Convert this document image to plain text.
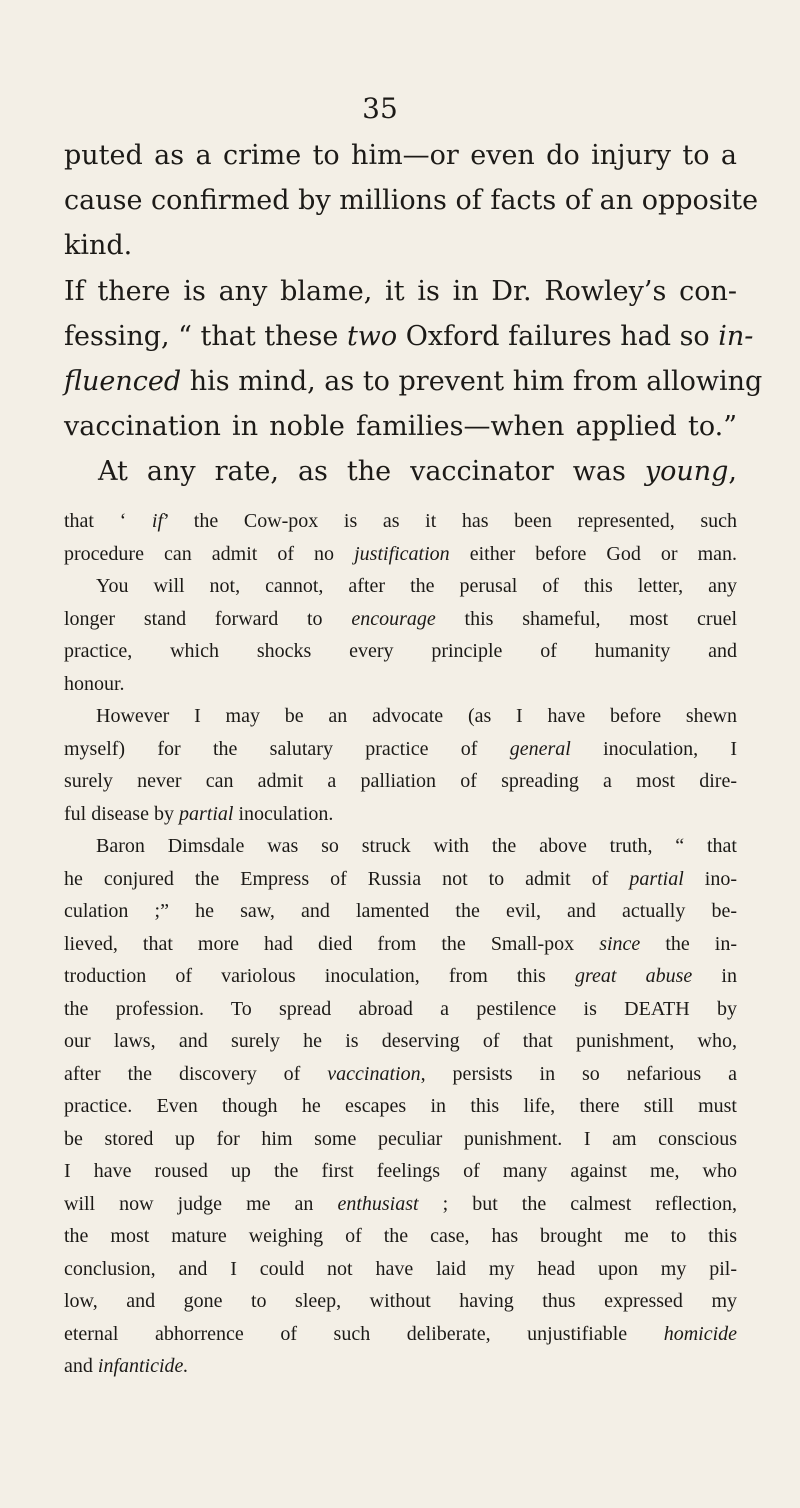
35
puted as a crime to him—or even do injury to a
cause confirmed by millions of facts of an opposite
kind.
If there is any blame, it is in Dr. Rowley’s con-
fessing, “ that these two Oxford failures had so in-
fluenced his mind, as to prevent him from allowing
vaccination in noble families—when applied to.”
At any rate, as the vaccinator was young,
that ‘ if’ the Cow-pox is as it has been represented, such
procedure can admit of no justification either before God or man.
You will not, cannot, after the perusal of this letter, any
longer stand forward to encourage this shameful, most cruel
practice, which shocks every principle of humanity and
honour.
However I may be an advocate (as I have before shewn
myself) for the salutary practice of general inoculation, I
surely never can admit a palliation of spreading a most dire-
ful disease by partial inoculation.
Baron Dimsdale was so struck with the above truth, “ that
he conjured the Empress of Russia not to admit of partial ino-
culation ;” he saw, and lamented the evil, and actually be-
lieved, that more had died from the Small-pox since the in-
troduction of variolous inoculation, from this great abuse in
the profession. To spread abroad a pestilence is DEATH by
our laws, and surely he is deserving of that punishment, who,
after the discovery of vaccination, persists in so nefarious a
practice. Even though he escapes in this life, there still must
be stored up for him some peculiar punishment. I am conscious
I have roused up the first feelings of many against me, who
will now judge me an enthusiast ; but the calmest reflection,
the most mature weighing of the case, has brought me to this
conclusion, and I could not have laid my head upon my pil-
low, and gone to sleep, without having thus expressed my
eternal abhorrence of such deliberate, unjustifiable homicide
and infanticide.
